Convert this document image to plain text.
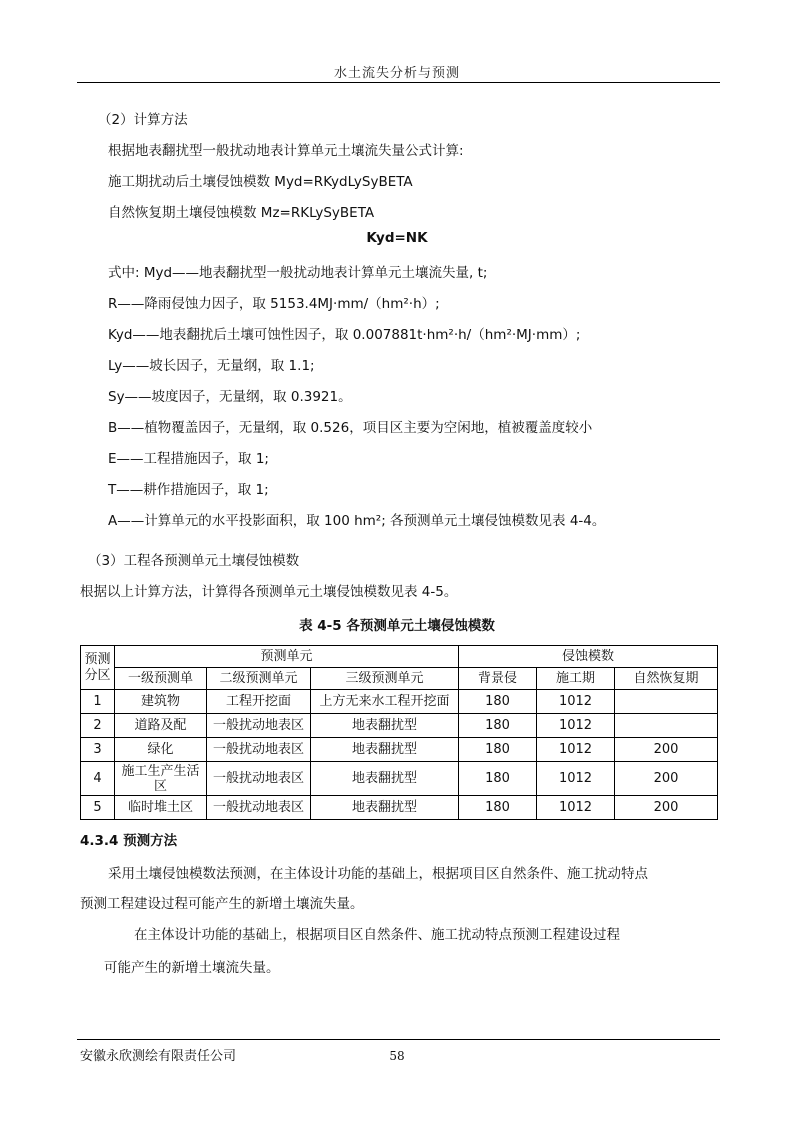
水土流失分析与预测
（2）计算方法
根据地表翻扰型一般扰动地表计算单元土壤流失量公式计算:
施工期扰动后土壤侵蚀模数 Myd=RKydLySyBETA
自然恢复期土壤侵蚀模数 Mz=RKLySyBETA
Kyd=NK
式中: Myd——地表翻扰型一般扰动地表计算单元土壤流失量, t;
R——降雨侵蚀力因子，取 5153.4MJ·mm/（hm²·h）;
Kyd——地表翻扰后土壤可蚀性因子，取 0.007881t·hm²·h/（hm²·MJ·mm）;
Ly——坡长因子，无量纲，取 1.1;
Sy——坡度因子，无量纲，取 0.3921。
B——植物覆盖因子，无量纲，取 0.526，项目区主要为空闲地，植被覆盖度较小
E——工程措施因子，取 1;
T——耕作措施因子，取 1;
A——计算单元的水平投影面积，取 100 hm²; 各预测单元土壤侵蚀模数见表 4-4。
（3）工程各预测单元土壤侵蚀模数
根据以上计算方法，计算得各预测单元土壤侵蚀模数见表 4-5。
表 4-5 各预测单元土壤侵蚀模数
预测分区	预测单元			侵蚀模数		
	一级预测单	二级预测单元	三级预测单元	背景侵	施工期	自然恢复期
1	建筑物	工程开挖面	上方无来水工程开挖面	180	1012	
2	道路及配	一般扰动地表区	地表翻扰型	180	1012	
3	绿化	一般扰动地表区	地表翻扰型	180	1012	200
4	施工生产生活区	一般扰动地表区	地表翻扰型	180	1012	200
5	临时堆土区	一般扰动地表区	地表翻扰型	180	1012	200
4.3.4 预测方法
采用土壤侵蚀模数法预测，在主体设计功能的基础上，根据项目区自然条件、施工扰动特点
预测工程建设过程可能产生的新增土壤流失量。
在主体设计功能的基础上，根据项目区自然条件、施工扰动特点预测工程建设过程
可能产生的新增土壤流失量。
安徽永欣测绘有限责任公司	58
